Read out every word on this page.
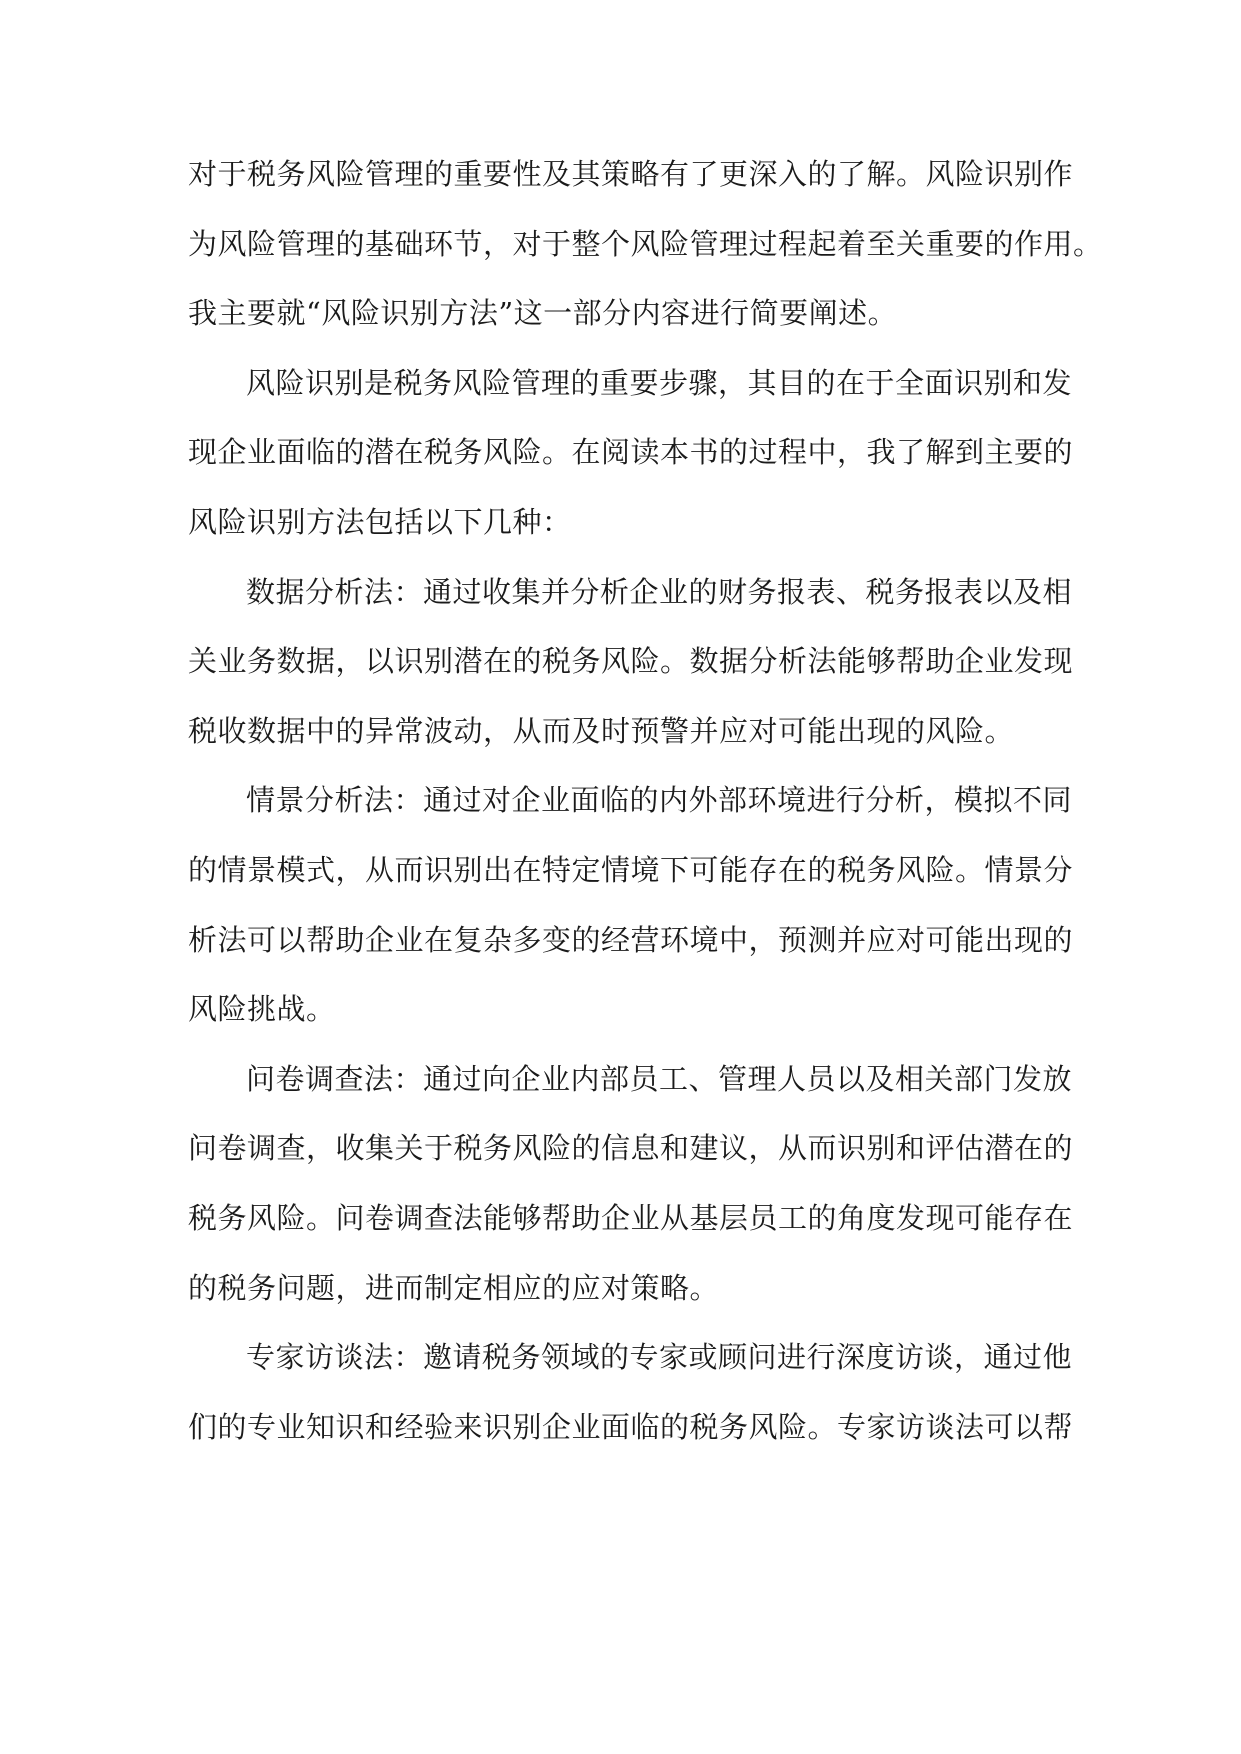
对于税务风险管理的重要性及其策略有了更深入的了解。风险识别作
为风险管理的基础环节，对于整个风险管理过程起着至关重要的作用。
我主要就“风险识别方法”这一部分内容进行简要阐述。
风险识别是税务风险管理的重要步骤，其目的在于全面识别和发
现企业面临的潜在税务风险。在阅读本书的过程中，我了解到主要的
风险识别方法包括以下几种：
数据分析法：通过收集并分析企业的财务报表、税务报表以及相
关业务数据，以识别潜在的税务风险。数据分析法能够帮助企业发现
税收数据中的异常波动，从而及时预警并应对可能出现的风险。
情景分析法：通过对企业面临的内外部环境进行分析，模拟不同
的情景模式，从而识别出在特定情境下可能存在的税务风险。情景分
析法可以帮助企业在复杂多变的经营环境中，预测并应对可能出现的
风险挑战。
问卷调查法：通过向企业内部员工、管理人员以及相关部门发放
问卷调查，收集关于税务风险的信息和建议，从而识别和评估潜在的
税务风险。问卷调查法能够帮助企业从基层员工的角度发现可能存在
的税务问题，进而制定相应的应对策略。
专家访谈法：邀请税务领域的专家或顾问进行深度访谈，通过他
们的专业知识和经验来识别企业面临的税务风险。专家访谈法可以帮
